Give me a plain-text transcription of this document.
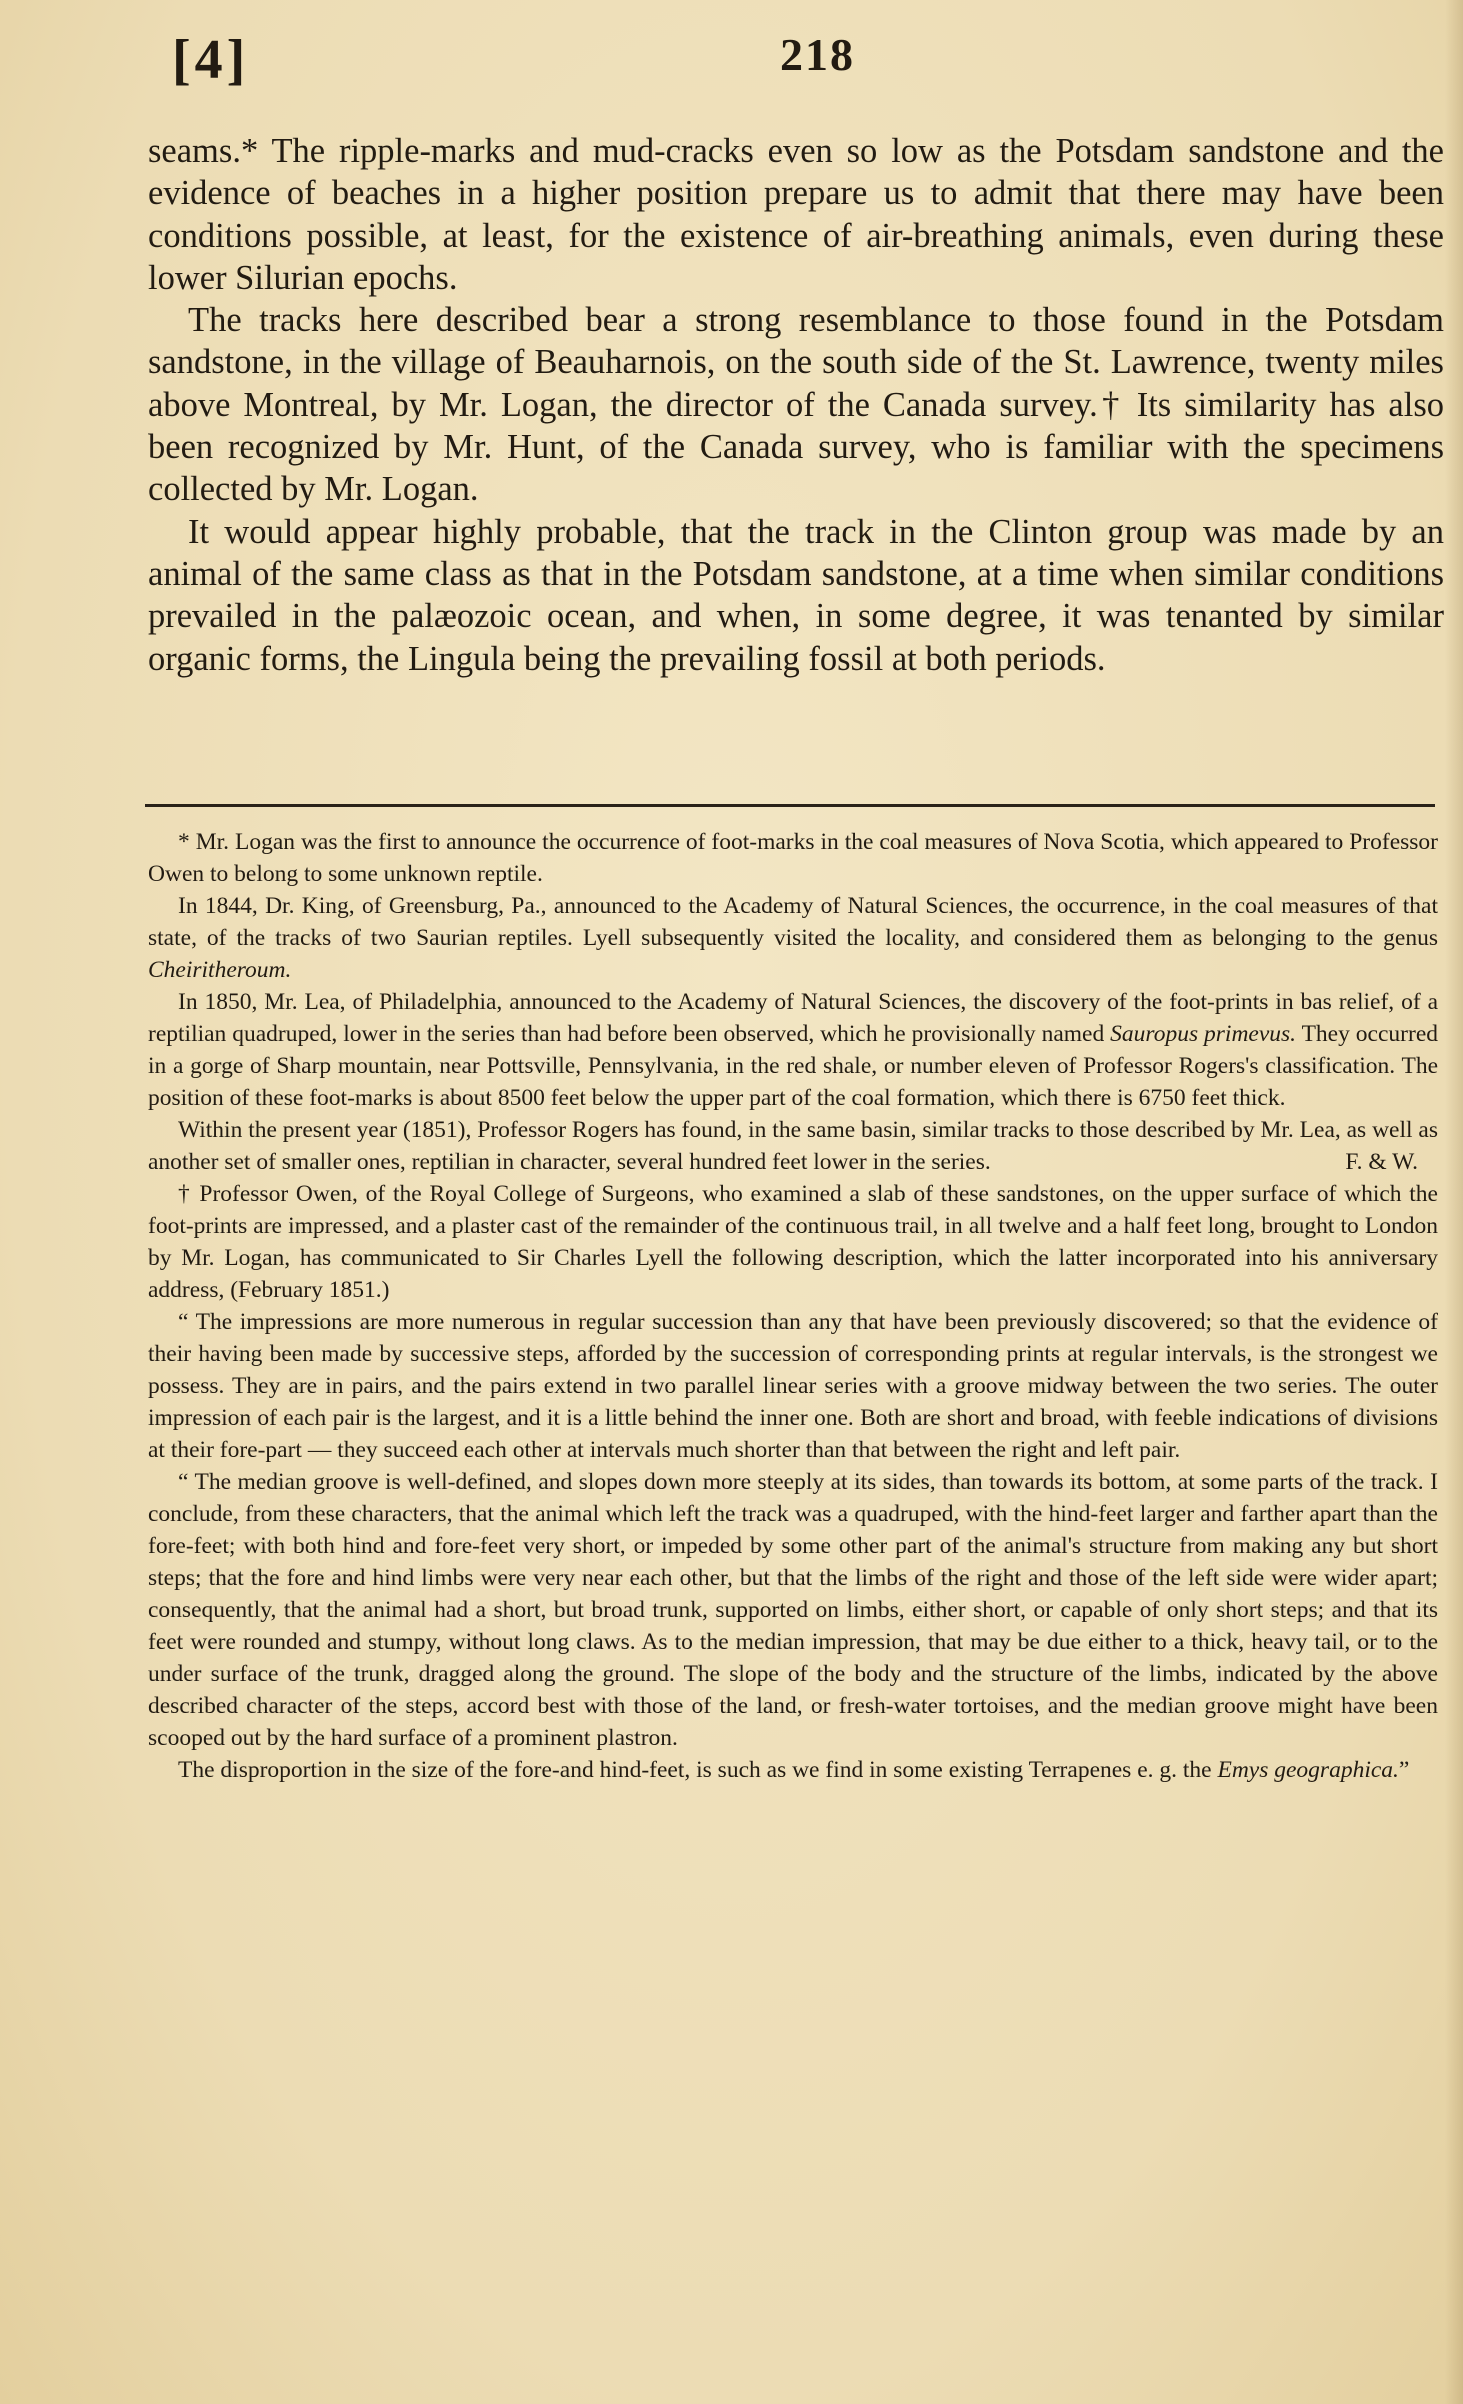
[4]	218

seams.* The ripple-marks and mud-cracks even so low as the Potsdam sandstone and the evidence of beaches in a higher position prepare us to admit that there may have been conditions possible, at least, for the existence of air-breathing animals, even during these lower Silurian epochs.

The tracks here described bear a strong resemblance to those found in the Potsdam sandstone, in the village of Beauharnois, on the south side of the St. Lawrence, twenty miles above Montreal, by Mr. Logan, the director of the Canada survey.† Its similarity has also been recognized by Mr. Hunt, of the Canada survey, who is familiar with the specimens collected by Mr. Logan.

It would appear highly probable, that the track in the Clinton group was made by an animal of the same class as that in the Potsdam sandstone, at a time when similar conditions prevailed in the palæozoic ocean, and when, in some degree, it was tenanted by similar organic forms, the Lingula being the prevailing fossil at both periods.

* Mr. Logan was the first to announce the occurrence of foot-marks in the coal measures of Nova Scotia, which appeared to Professor Owen to belong to some unknown reptile.

In 1844, Dr. King, of Greensburg, Pa., announced to the Academy of Natural Sciences, the occurrence, in the coal measures of that state, of the tracks of two Saurian reptiles. Lyell subsequently visited the locality, and considered them as belonging to the genus Cheiritheroum.

In 1850, Mr. Lea, of Philadelphia, announced to the Academy of Natural Sciences, the discovery of the foot-prints in bas relief, of a reptilian quadruped, lower in the series than had before been observed, which he provisionally named Sauropus primevus. They occurred in a gorge of Sharp mountain, near Pottsville, Pennsylvania, in the red shale, or number eleven of Professor Rogers's classification. The position of these foot-marks is about 8500 feet below the upper part of the coal formation, which there is 6750 feet thick.

Within the present year (1851), Professor Rogers has found, in the same basin, similar tracks to those described by Mr. Lea, as well as another set of smaller ones, reptilian in character, several hundred feet lower in the series.	F. & W.

† Professor Owen, of the Royal College of Surgeons, who examined a slab of these sandstones, on the upper surface of which the foot-prints are impressed, and a plaster cast of the remainder of the continuous trail, in all twelve and a half feet long, brought to London by Mr. Logan, has communicated to Sir Charles Lyell the following description, which the latter incorporated into his anniversary address, (February 1851.)

“ The impressions are more numerous in regular succession than any that have been previously discovered; so that the evidence of their having been made by successive steps, afforded by the succession of corresponding prints at regular intervals, is the strongest we possess. They are in pairs, and the pairs extend in two parallel linear series with a groove midway between the two series. The outer impression of each pair is the largest, and it is a little behind the inner one. Both are short and broad, with feeble indications of divisions at their fore-part — they succeed each other at intervals much shorter than that between the right and left pair.

“ The median groove is well-defined, and slopes down more steeply at its sides, than towards its bottom, at some parts of the track. I conclude, from these characters, that the animal which left the track was a quadruped, with the hind-feet larger and farther apart than the fore-feet; with both hind and fore-feet very short, or impeded by some other part of the animal's structure from making any but short steps; that the fore and hind limbs were very near each other, but that the limbs of the right and those of the left side were wider apart; consequently, that the animal had a short, but broad trunk, supported on limbs, either short, or capable of only short steps; and that its feet were rounded and stumpy, without long claws. As to the median impression, that may be due either to a thick, heavy tail, or to the under surface of the trunk, dragged along the ground. The slope of the body and the structure of the limbs, indicated by the above described character of the steps, accord best with those of the land, or fresh-water tortoises, and the median groove might have been scooped out by the hard surface of a prominent plastron.

The disproportion in the size of the fore-and hind-feet, is such as we find in some existing Terrapenes e. g. the Emys geographica.”
